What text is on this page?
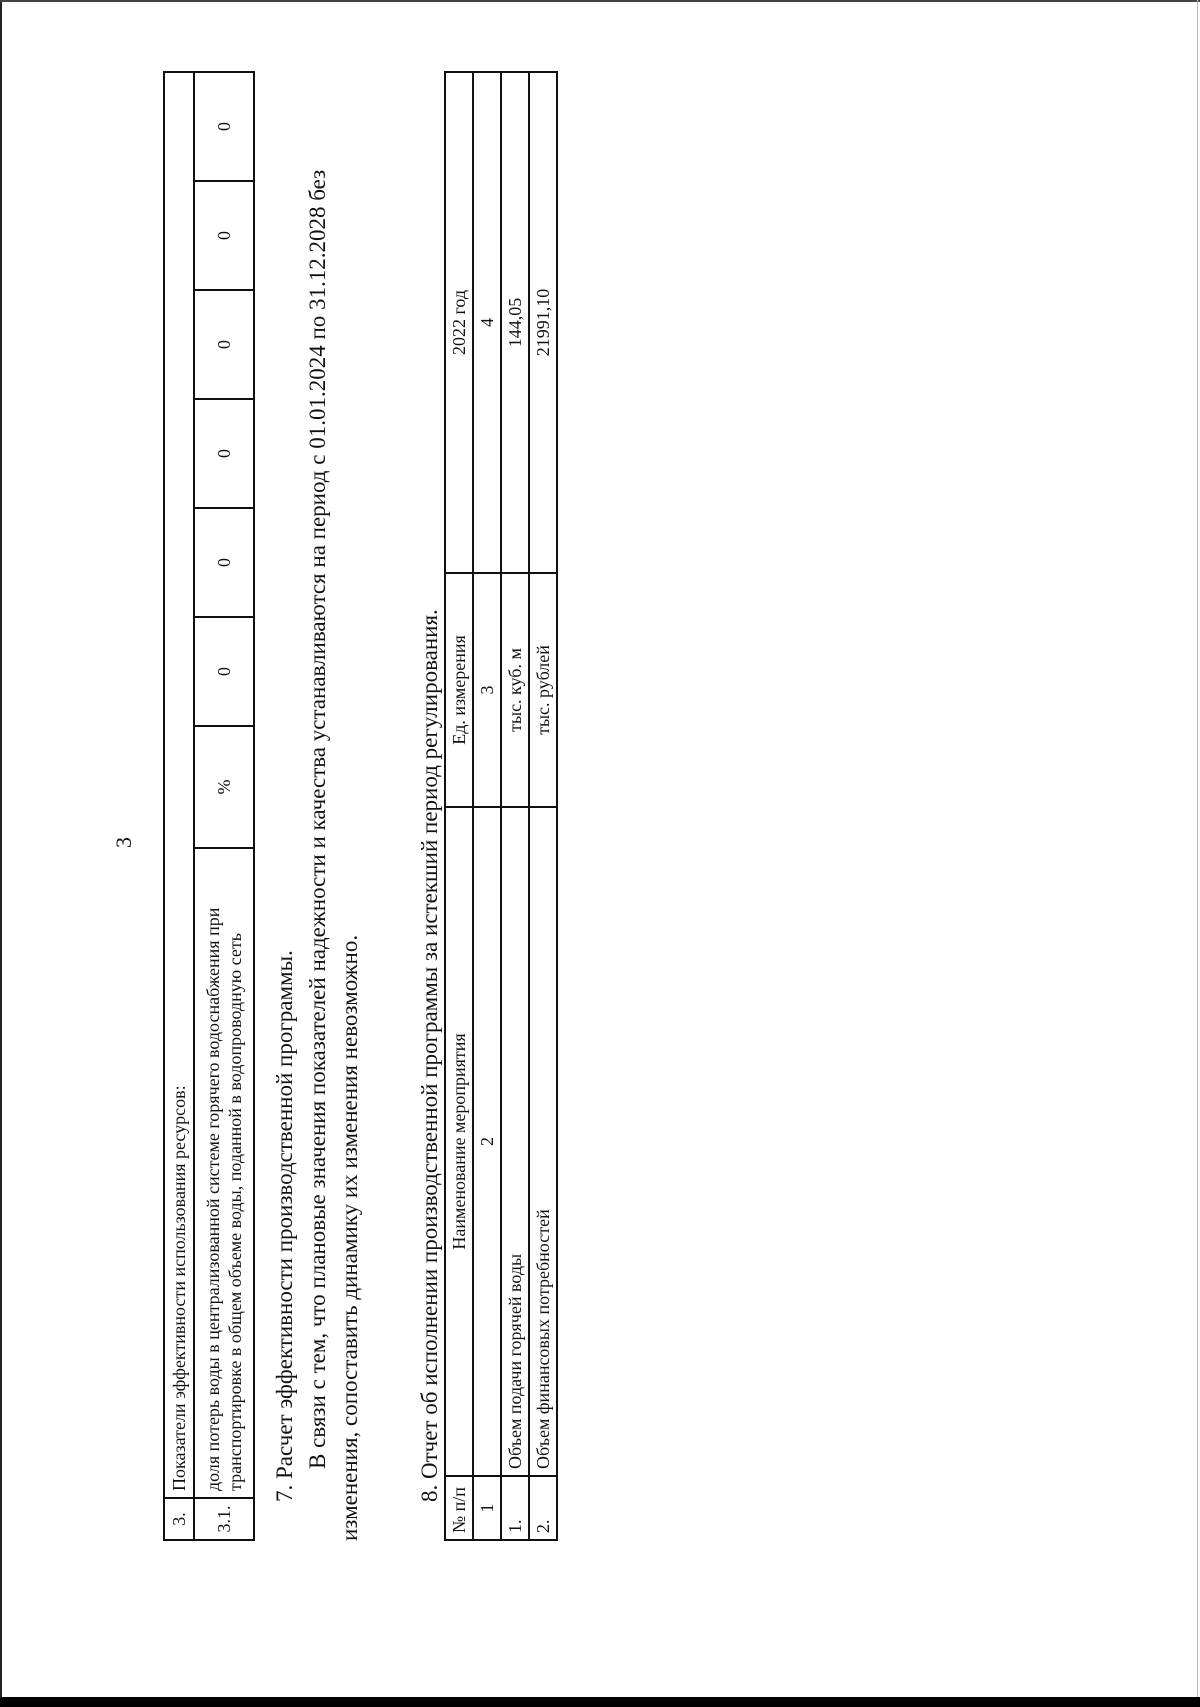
3
3.	Показатели эффективности использования ресурсов:							
3.1.	доля потерь воды в централизованной системе горячего водоснабжения при транспортировке в общем объеме воды, поданной в водопроводную сеть	%	0	0	0	0	0	0
7. Расчет эффективности производственной программы. В связи с тем, что плановые значения показателей надежности и качества устанавливаются на период с 01.01.2024 по 31.12.2028 без изменения, сопоставить динамику их изменения невозможно. 8. Отчет об исполнении производственной программы за истекший период регулирования.
№ п/п	Наименование мероприятия	Ед. измерения	2022 год
1	2	3	4
1.	Объем подачи горячей воды	тыс. куб. м	144,05
2.	Объем финансовых потребностей	тыс. рублей	21991,10
